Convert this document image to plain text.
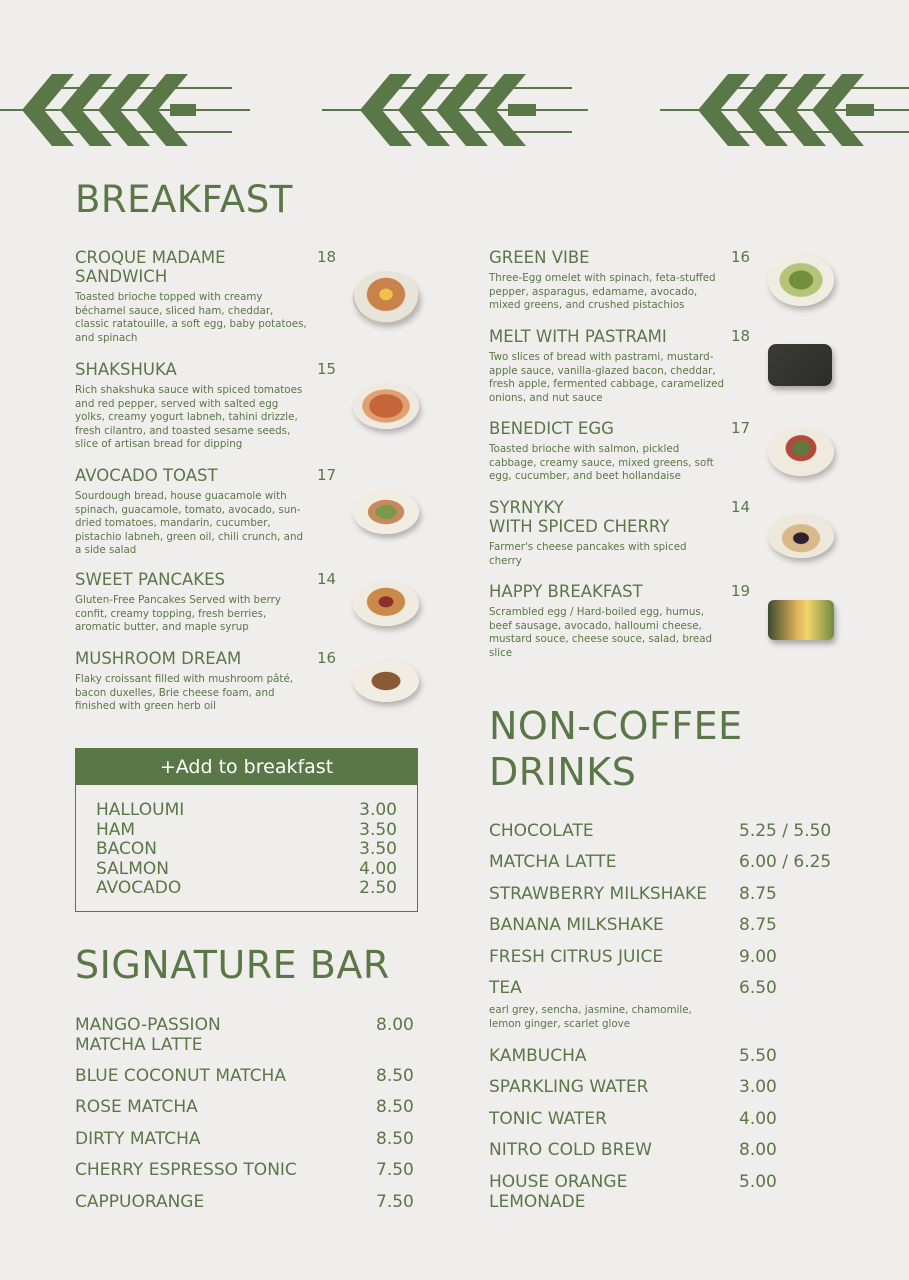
BREAKFAST
CROQUE MADAME
SANDWICH
18
Toasted brioche topped with creamy béchamel sauce, sliced ham, cheddar, classic ratatouille, a soft egg, baby potatoes, and spinach
SHAKSHUKA	15
Rich shakshuka sauce with spiced tomatoes and red pepper, served with salted egg yolks, creamy yogurt labneh, tahini drizzle, fresh cilantro, and toasted sesame seeds, slice of artisan bread for dipping
AVOCADO TOAST	17
Sourdough bread, house guacamole with spinach, guacamole, tomato, avocado, sun-dried tomatoes, mandarin, cucumber, pistachio labneh, green oil, chili crunch, and a side salad
SWEET PANCAKES	14
Gluten-Free Pancakes Served with berry confit, creamy topping, fresh berries, aromatic butter, and maple syrup
MUSHROOM DREAM	16
Flaky croissant filled with mushroom pâté, bacon duxelles, Brie cheese foam, and finished with green herb oil
GREEN VIBE	16
Three-Egg omelet with spinach, feta-stuffed pepper, asparagus, edamame, avocado, mixed greens, and crushed pistachios
MELT WITH PASTRAMI	18
Two slices of bread with pastrami, mustard-apple sauce, vanilla-glazed bacon, cheddar, fresh apple, fermented cabbage, caramelized onions, and nut sauce
BENEDICT EGG	17
Toasted brioche with salmon, pickled cabbage, creamy sauce, mixed greens, soft egg, cucumber, and beet hollandaise
SYRNYKY
WITH SPICED CHERRY
14
Farmer's cheese pancakes with spiced cherry
HAPPY BREAKFAST	19
Scrambled egg / Hard-boiled egg, humus, beef sausage, avocado, halloumi cheese, mustard souce, cheese souce, salad, bread slice
+Add to breakfast
HALLOUMI	3.00
HAM	3.50
BACON	3.50
SALMON	4.00
AVOCADO	2.50
SIGNATURE BAR
MANGO-PASSION
MATCHA LATTE
8.00
BLUE COCONUT MATCHA	8.50
ROSE MATCHA	8.50
DIRTY MATCHA	8.50
CHERRY ESPRESSO TONIC	7.50
CAPPUORANGE	7.50
NON-COFFEE
DRINKS
CHOCOLATE	5.25 / 5.50
MATCHA LATTE	6.00 / 6.25
STRAWBERRY MILKSHAKE 8.75
BANANA MILKSHAKE	8.75
FRESH CITRUS JUICE	9.00
TEA	6.50
earl grey, sencha, jasmine, chamomile, lemon ginger, scarlet glove
KAMBUCHA	5.50
SPARKLING WATER	3.00
TONIC WATER	4.00
NITRO COLD BREW	8.00
HOUSE ORANGE
LEMONADE
5.00
